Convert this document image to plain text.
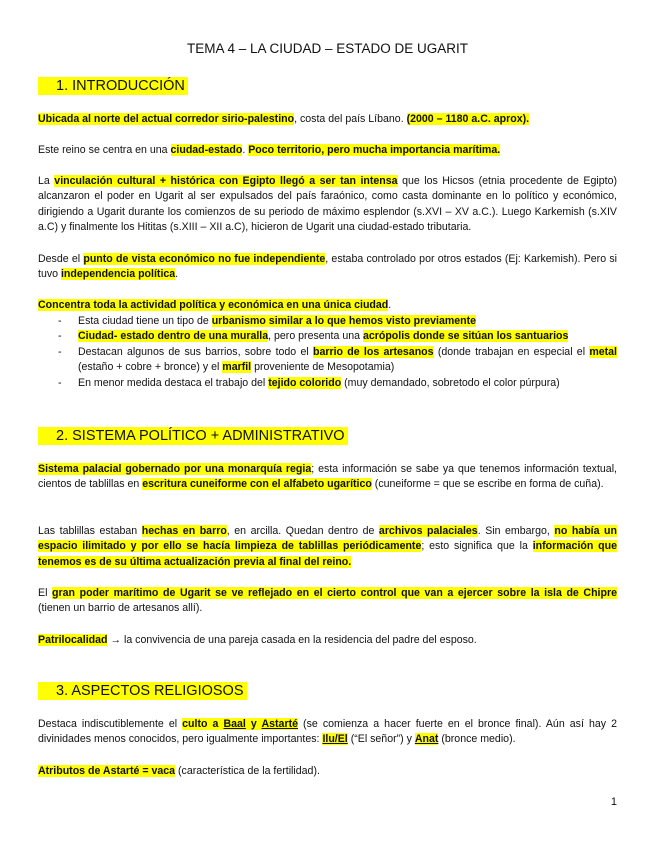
TEMA 4 – LA CIUDAD – ESTADO DE UGARIT
1. INTRODUCCIÓN
Ubicada al norte del actual corredor sirio-palestino, costa del país Líbano. (2000 – 1180 a.C. aprox).
Este reino se centra en una ciudad-estado. Poco territorio, pero mucha importancia marítima.
La vinculación cultural + histórica con Egipto llegó a ser tan intensa que los Hicsos (etnia procedente de Egipto) alcanzaron el poder en Ugarit al ser expulsados del país faraónico, como casta dominante en lo político y económico, dirigiendo a Ugarit durante los comienzos de su periodo de máximo esplendor (s.XVI – XV a.C.). Luego Karkemish (s.XIV a.C) y finalmente los Hititas (s.XIII – XII a.C), hicieron de Ugarit una ciudad-estado tributaria.
Desde el punto de vista económico no fue independiente, estaba controlado por otros estados (Ej: Karkemish). Pero si tuvo independencia política.
Concentra toda la actividad política y económica en una única ciudad.
- Esta ciudad tiene un tipo de urbanismo similar a lo que hemos visto previamente
- Ciudad- estado dentro de una muralla, pero presenta una acrópolis donde se sitúan los santuarios
- Destacan algunos de sus barrios, sobre todo el barrio de los artesanos (donde trabajan en especial el metal (estaño + cobre + bronce) y el marfil proveniente de Mesopotamia)
- En menor medida destaca el trabajo del tejido colorido (muy demandado, sobretodo el color púrpura)
2. SISTEMA POLÍTICO + ADMINISTRATIVO
Sistema palacial gobernado por una monarquía regia; esta información se sabe ya que tenemos información textual, cientos de tablillas en escritura cuneiforme con el alfabeto ugarítico (cuneiforme = que se escribe en forma de cuña).
Las tablillas estaban hechas en barro, en arcilla. Quedan dentro de archivos palaciales. Sin embargo, no había un espacio ilimitado y por ello se hacía limpieza de tablillas periódicamente; esto significa que la información que tenemos es de su última actualización previa al final del reino.
El gran poder marítimo de Ugarit se ve reflejado en el cierto control que van a ejercer sobre la isla de Chipre (tienen un barrio de artesanos allí).
Patrilocalidad → la convivencia de una pareja casada en la residencia del padre del esposo.
3. ASPECTOS RELIGIOSOS
Destaca indiscutiblemente el culto a Baal y Astarté (se comienza a hacer fuerte en el bronce final). Aún así hay 2 divinidades menos conocidos, pero igualmente importantes: Ilu/El (“El señor”) y Anat (bronce medio).
Atributos de Astarté = vaca (característica de la fertilidad).
1
